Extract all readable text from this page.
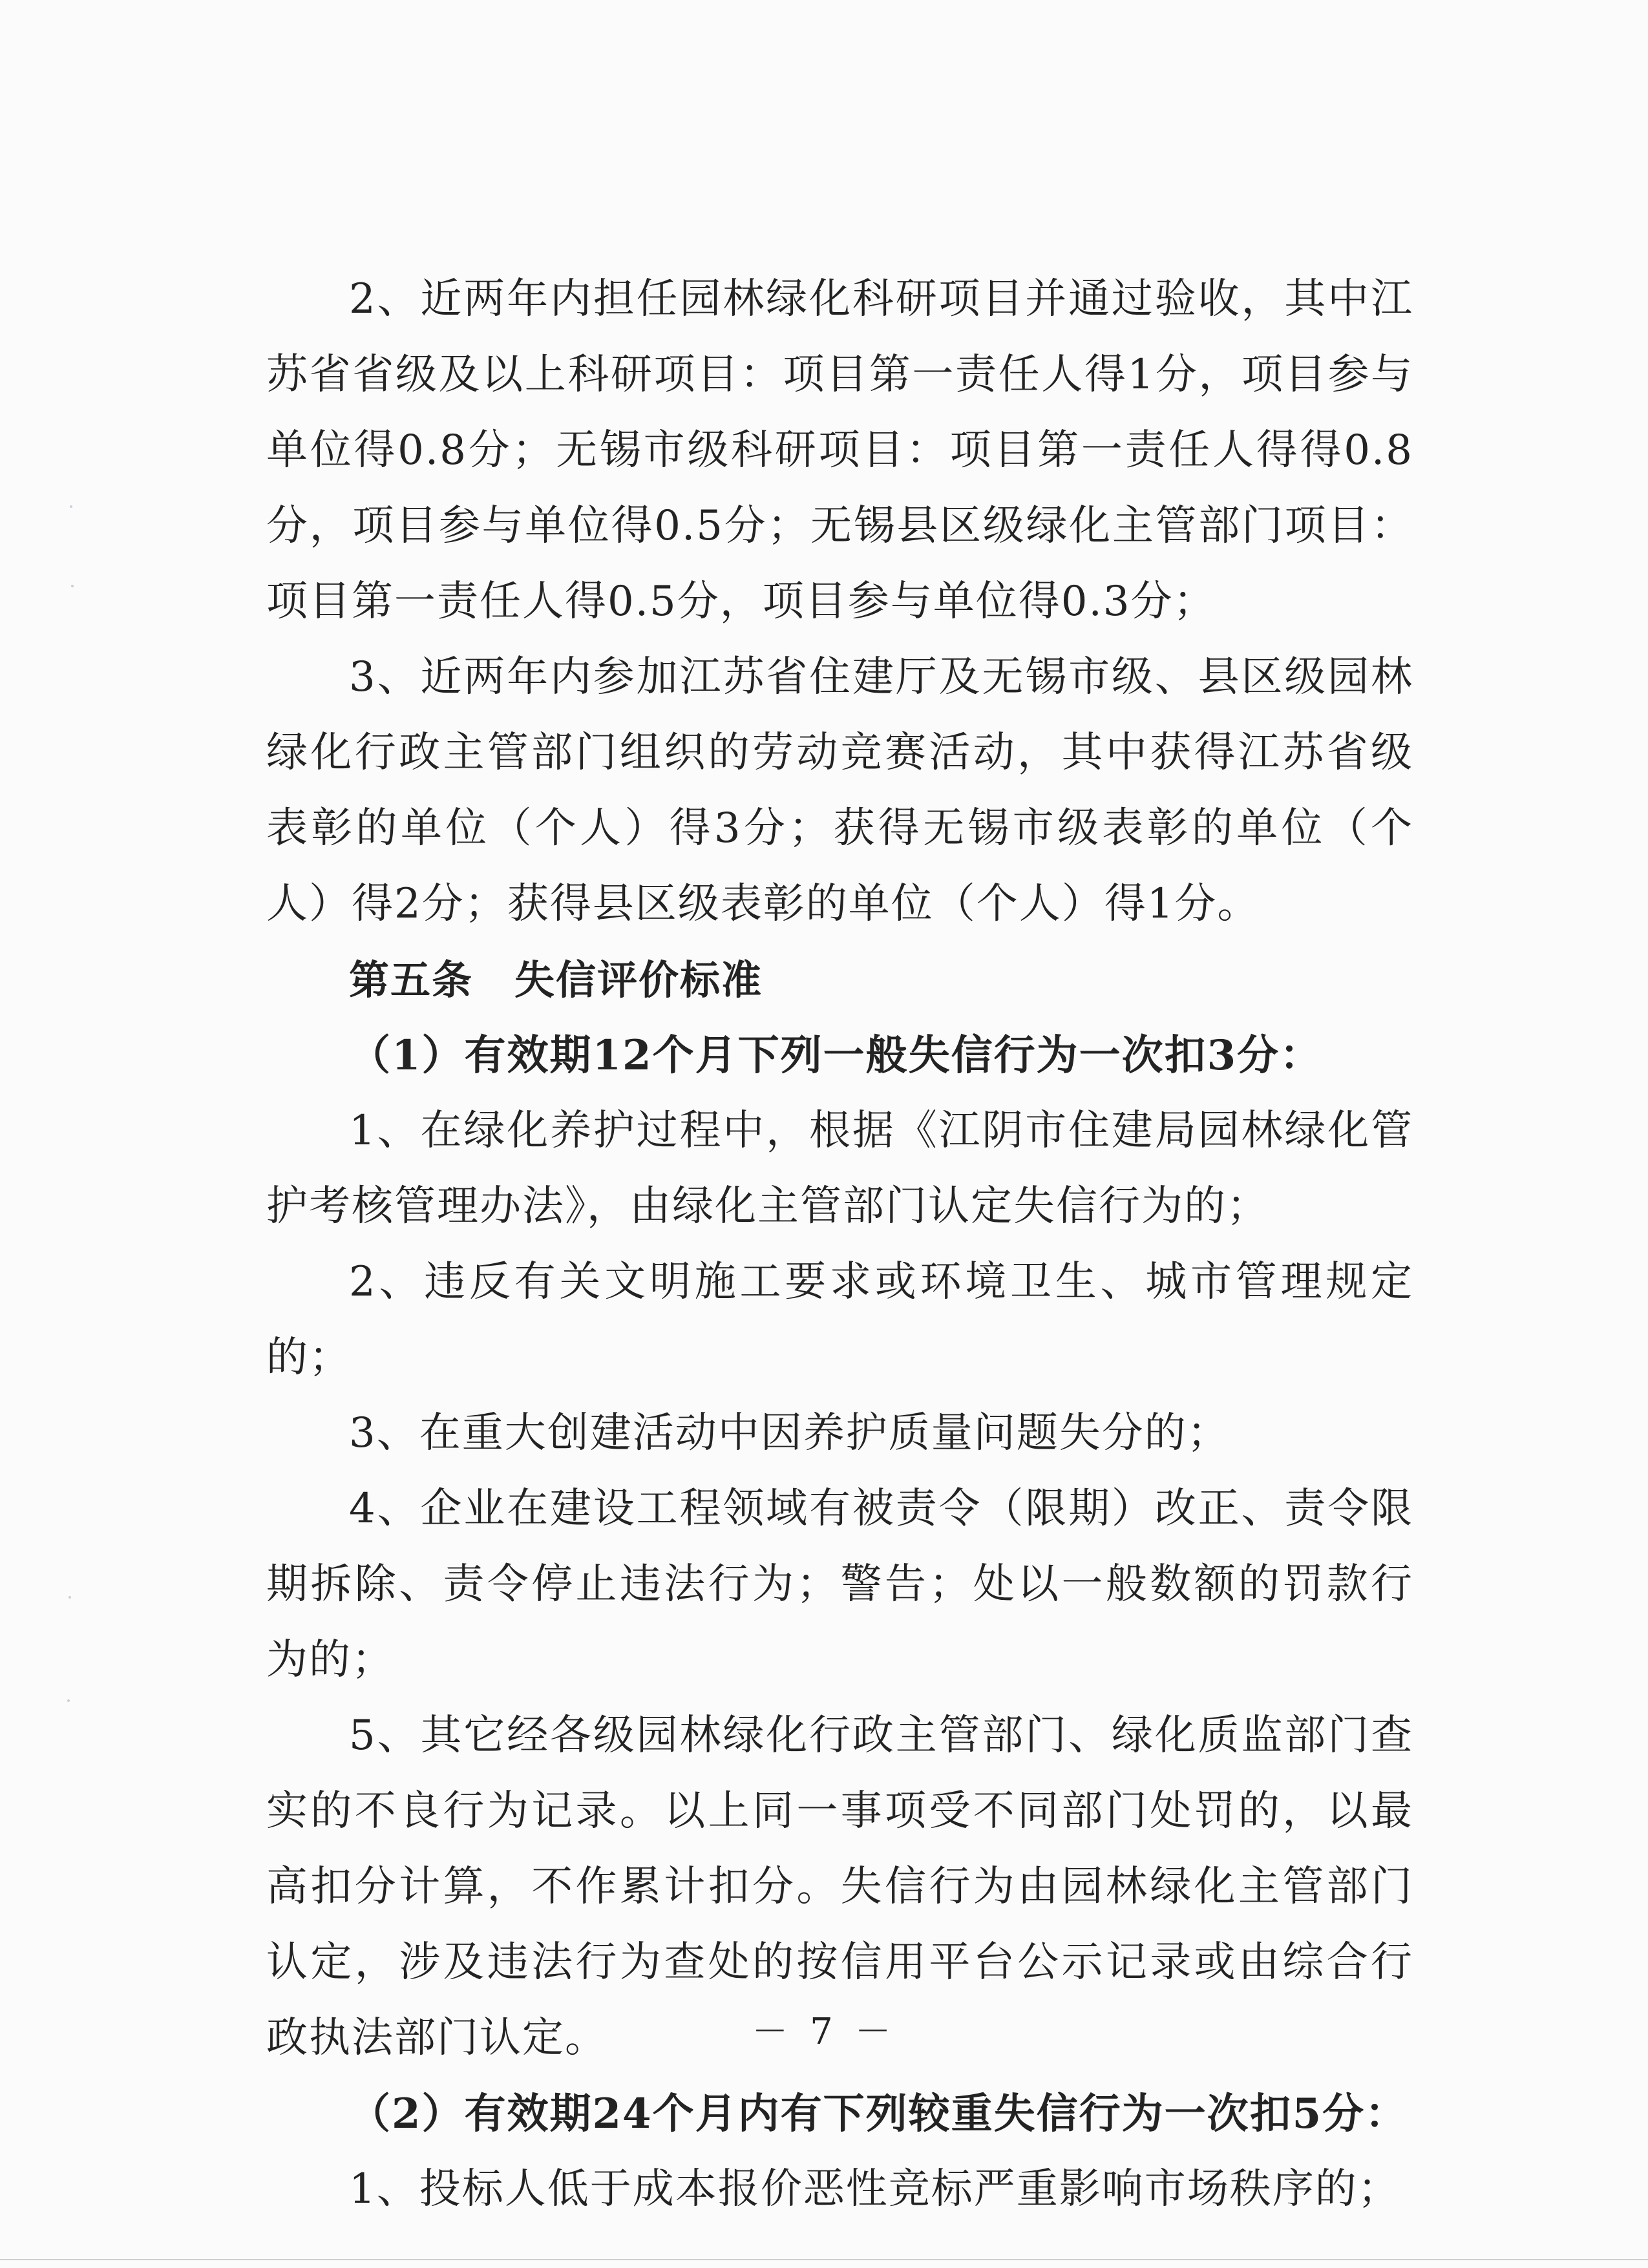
2、近两年内担任园林绿化科研项目并通过验收，其中江苏省省级及以上科研项目：项目第一责任人得1分，项目参与单位得0.8分；无锡市级科研项目：项目第一责任人得得0.8分，项目参与单位得0.5分；无锡县区级绿化主管部门项目：项目第一责任人得0.5分，项目参与单位得0.3分；

3、近两年内参加江苏省住建厅及无锡市级、县区级园林绿化行政主管部门组织的劳动竞赛活动，其中获得江苏省级表彰的单位（个人）得3分；获得无锡市级表彰的单位（个人）得2分；获得县区级表彰的单位（个人）得1分。

第五条　失信评价标准

（1）有效期12个月下列一般失信行为一次扣3分：

1、在绿化养护过程中，根据《江阴市住建局园林绿化管护考核管理办法》，由绿化主管部门认定失信行为的；

2、违反有关文明施工要求或环境卫生、城市管理规定的；

3、在重大创建活动中因养护质量问题失分的；

4、企业在建设工程领域有被责令（限期）改正、责令限期拆除、责令停止违法行为；警告；处以一般数额的罚款行为的；

5、其它经各级园林绿化行政主管部门、绿化质监部门查实的不良行为记录。以上同一事项受不同部门处罚的，以最高扣分计算，不作累计扣分。失信行为由园林绿化主管部门认定，涉及违法行为查处的按信用平台公示记录或由综合行政执法部门认定。

（2）有效期24个月内有下列较重失信行为一次扣5分：

1、投标人低于成本报价恶性竞标严重影响市场秩序的；

－ 7 －
